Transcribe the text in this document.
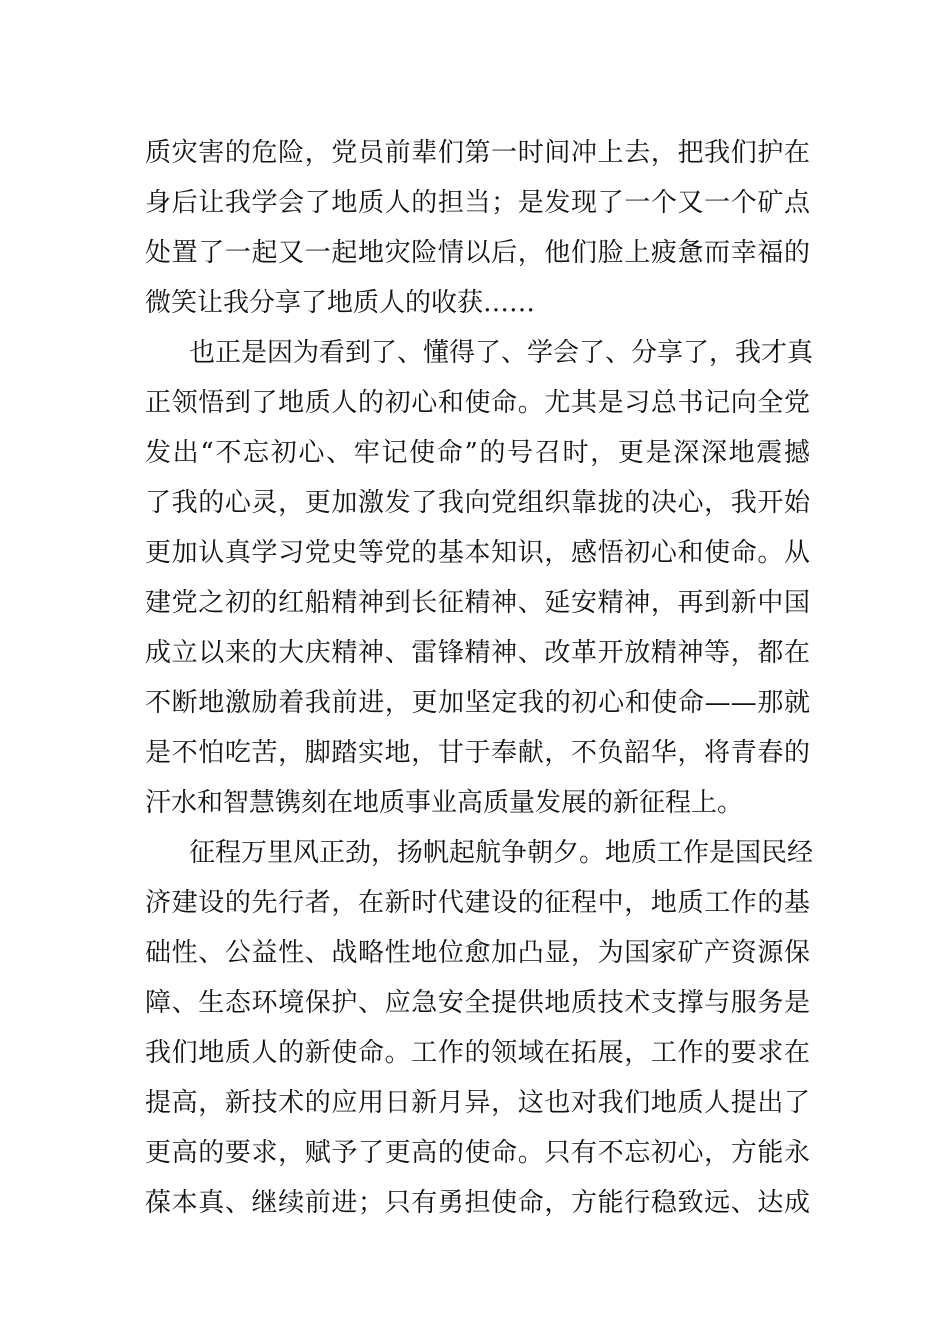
质灾害的危险，党员前辈们第一时间冲上去，把我们护在
身后让我学会了地质人的担当；是发现了一个又一个矿点
处置了一起又一起地灾险情以后，他们脸上疲惫而幸福的
微笑让我分享了地质人的收获……
也正是因为看到了、懂得了、学会了、分享了，我才真
正领悟到了地质人的初心和使命。尤其是习总书记向全党
发出“不忘初心、牢记使命”的号召时，更是深深地震撼
了我的心灵，更加激发了我向党组织靠拢的决心，我开始
更加认真学习党史等党的基本知识，感悟初心和使命。从
建党之初的红船精神到长征精神、延安精神，再到新中国
成立以来的大庆精神、雷锋精神、改革开放精神等，都在
不断地激励着我前进，更加坚定我的初心和使命——那就
是不怕吃苦，脚踏实地，甘于奉献，不负韶华，将青春的
汗水和智慧镌刻在地质事业高质量发展的新征程上。
征程万里风正劲，扬帆起航争朝夕。地质工作是国民经
济建设的先行者，在新时代建设的征程中，地质工作的基
础性、公益性、战略性地位愈加凸显，为国家矿产资源保
障、生态环境保护、应急安全提供地质技术支撑与服务是
我们地质人的新使命。工作的领域在拓展，工作的要求在
提高，新技术的应用日新月异，这也对我们地质人提出了
更高的要求，赋予了更高的使命。只有不忘初心，方能永
葆本真、继续前进；只有勇担使命，方能行稳致远、达成
